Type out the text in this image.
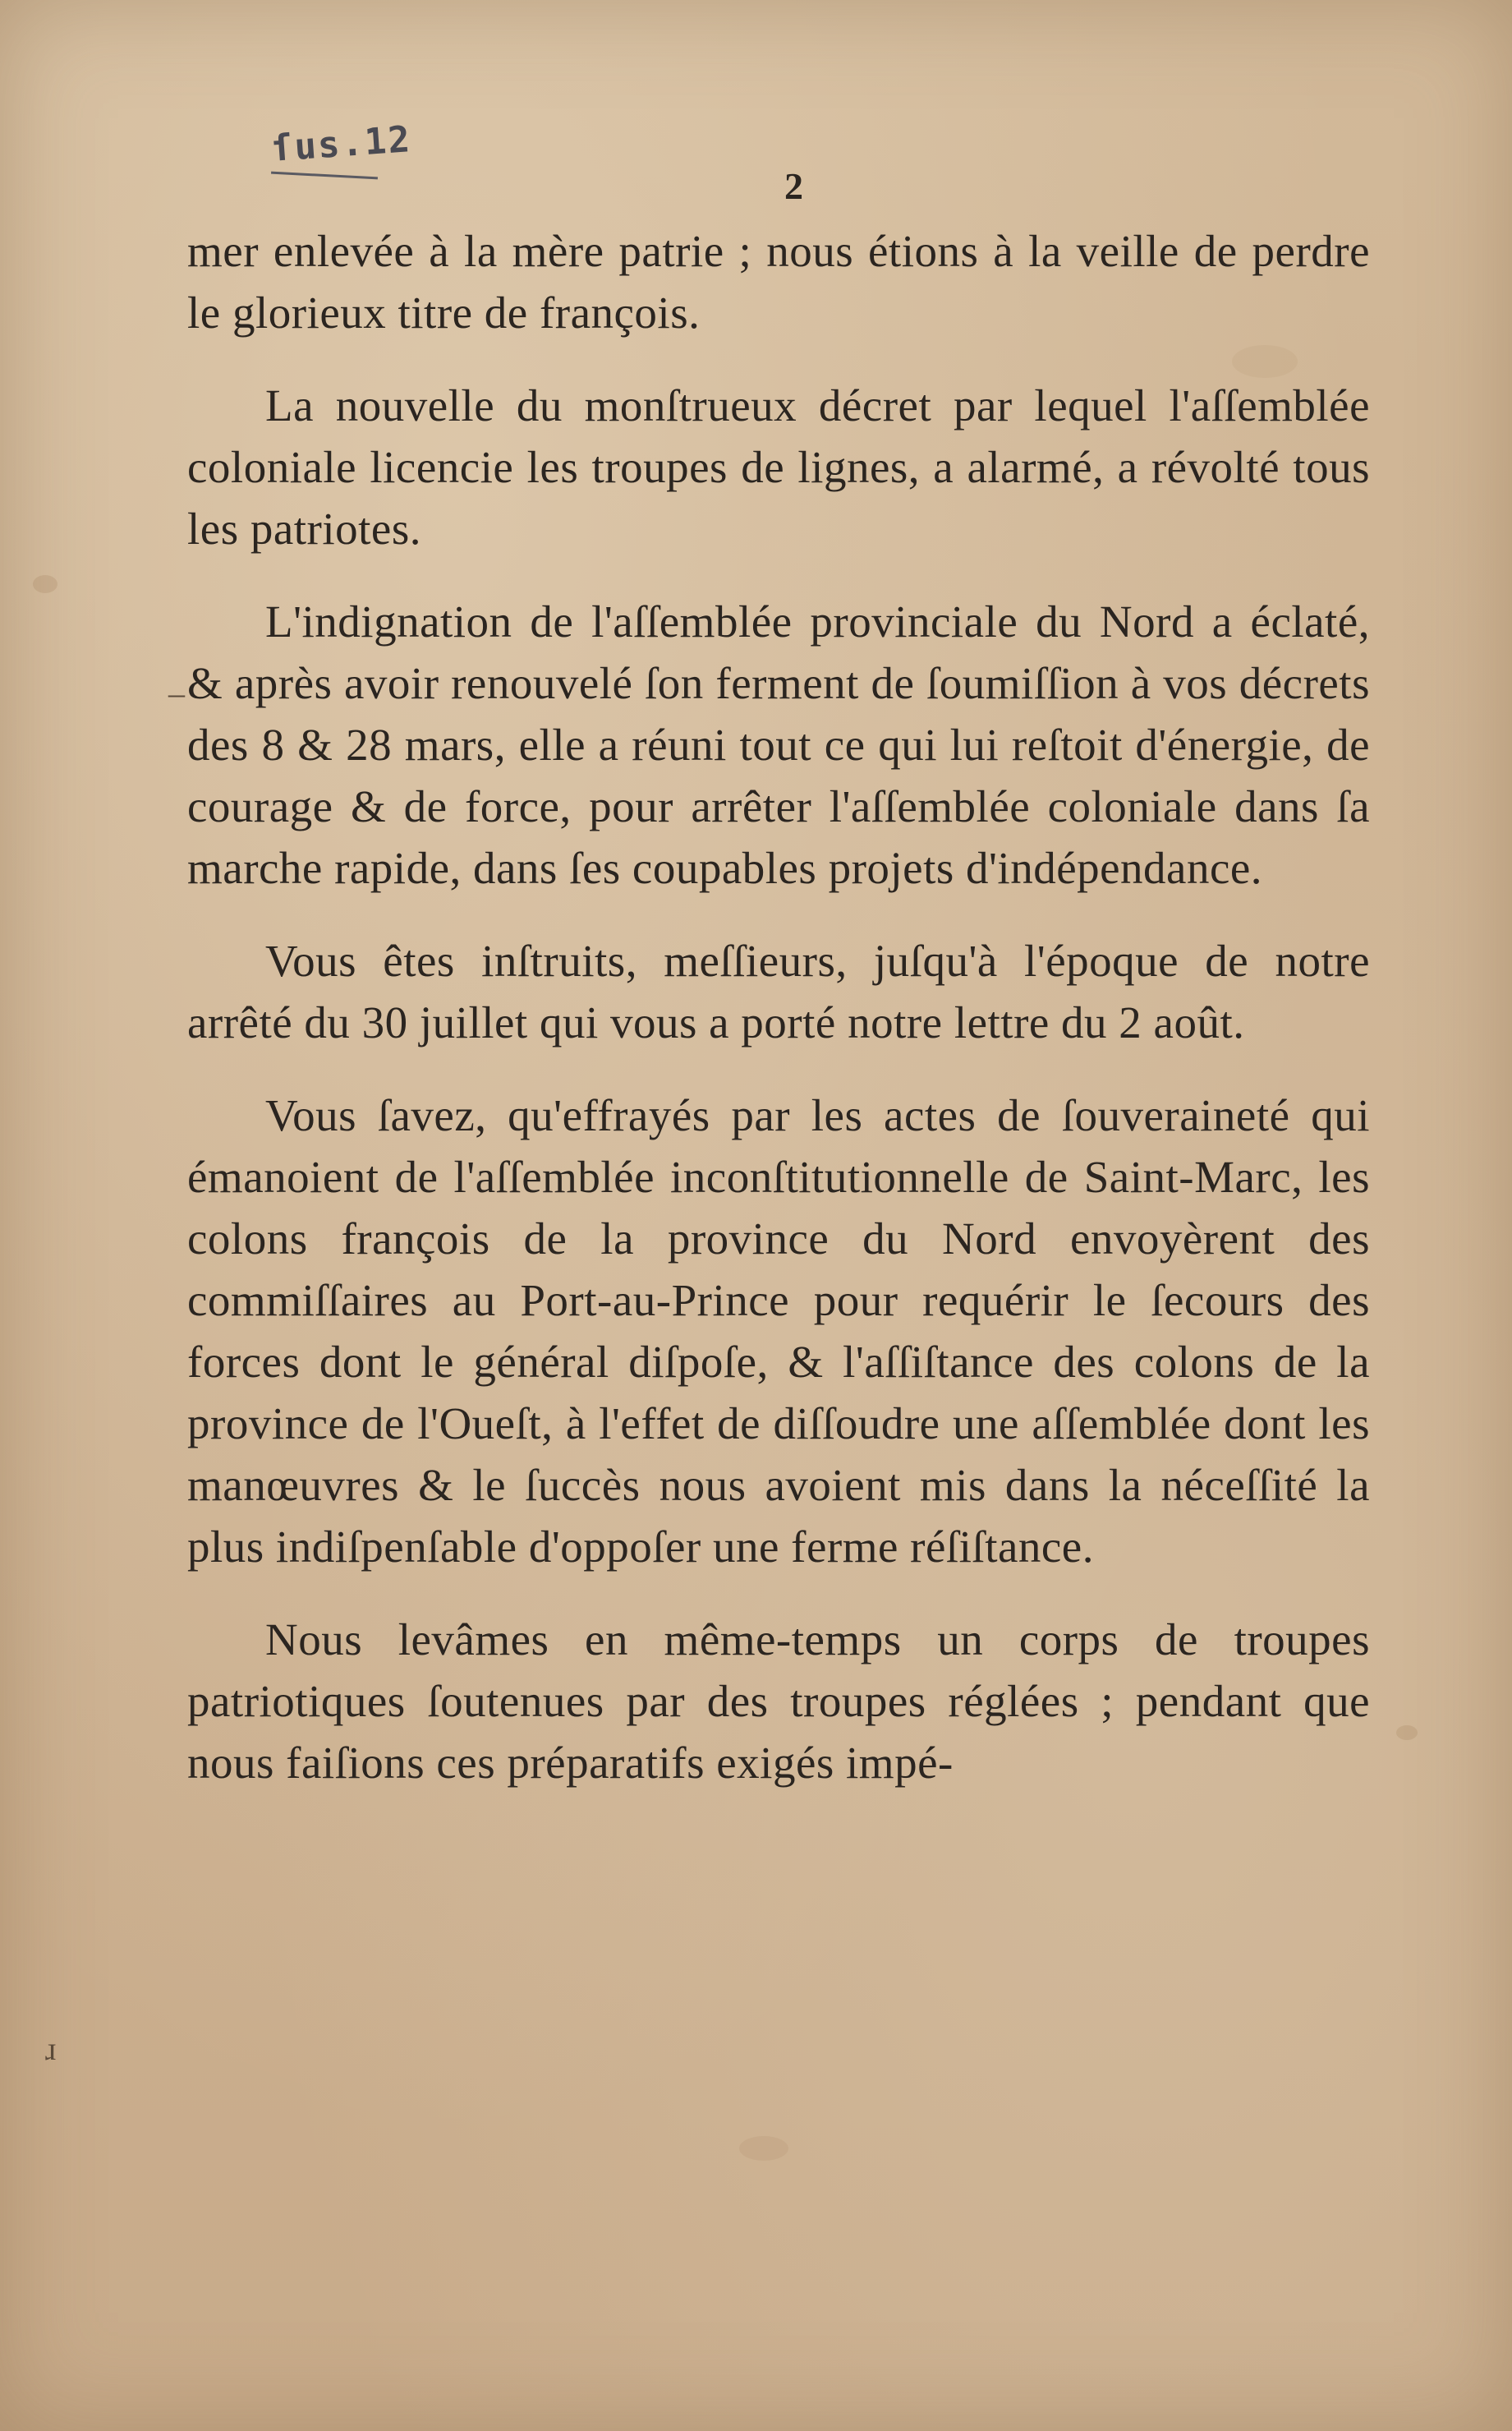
ɹ
–
ſus.12
2

mer enlevée à la mère patrie ; nous étions à la veille de perdre le glorieux titre de françois.

La nouvelle du monſtrueux décret par lequel l'aſſemblée coloniale licencie les troupes de lignes, a alarmé, a révolté tous les patriotes.

L'indignation de l'aſſemblée provinciale du Nord a éclaté, & après avoir renouvelé ſon ferment de ſoumiſſion à vos décrets des 8 & 28 mars, elle a réuni tout ce qui lui reſtoit d'énergie, de courage & de force, pour arrêter l'aſſemblée coloniale dans ſa marche rapide, dans ſes coupables projets d'indépendance.

Vous êtes inſtruits, meſſieurs, juſqu'à l'époque de notre arrêté du 30 juillet qui vous a porté notre lettre du 2 août.

Vous ſavez, qu'effrayés par les actes de ſouveraineté qui émanoient de l'aſſemblée inconſtitutionnelle de Saint-Marc, les colons françois de la province du Nord envoyèrent des commiſſaires au Port-au-Prince pour requérir le ſecours des forces dont le général diſpoſe, & l'aſſiſtance des colons de la province de l'Oueſt, à l'effet de diſſoudre une aſſemblée dont les manœuvres & le ſuccès nous avoient mis dans la néceſſité la plus indiſpenſable d'oppoſer une ferme réſiſtance.

Nous levâmes en même-temps un corps de troupes patriotiques ſoutenues par des troupes réglées ; pendant que nous faiſions ces préparatifs exigés impé-
